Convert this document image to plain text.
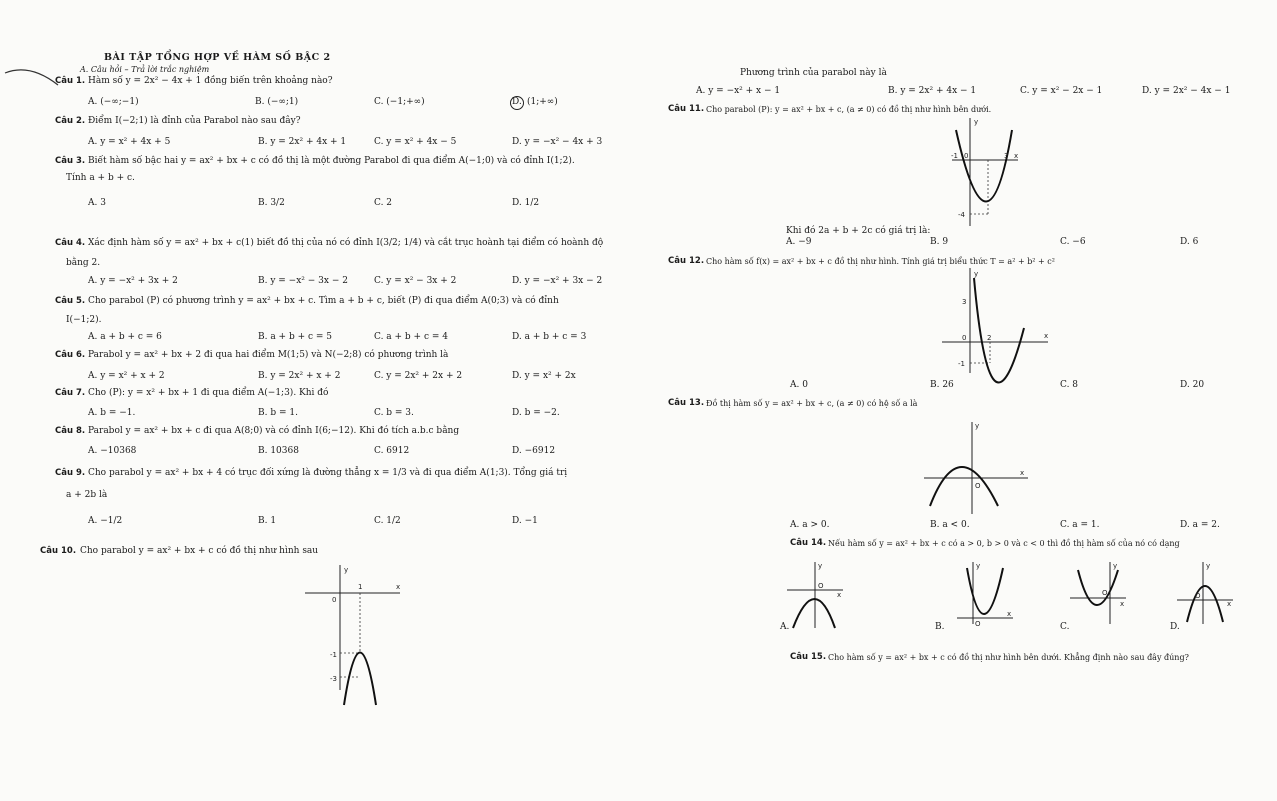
BÀI TẬP TỔNG HỢP VỀ HÀM SỐ BẬC 2
A. Câu hỏi – Trả lời trắc nghiệm
Câu 1. Hàm số y = 2x² − 4x + 1 đồng biến trên khoảng nào?
A. (−∞;−1)	B. (−∞;1)	C. (−1;+∞)	D. (1;+∞)
Câu 2. Điểm I(−2;1) là đỉnh của Parabol nào sau đây?
A. y = x² + 4x + 5	B. y = 2x² + 4x + 1	C. y = x² + 4x − 5	D. y = −x² − 4x + 3
Câu 3. Biết hàm số bậc hai y = ax² + bx + c có đồ thị là một đường Parabol đi qua điểm A(−1;0) và có đỉnh I(1;2).
Tính a + b + c.
A. 3	B. 3/2	C. 2	D. 1/2
Câu 4. Xác định hàm số y = ax² + bx + c(1) biết đồ thị của nó có đỉnh I(3/2; 1/4) và cắt trục hoành tại điểm có hoành độ
bằng 2.
A. y = −x² + 3x + 2	B. y = −x² − 3x − 2	C. y = x² − 3x + 2	D. y = −x² + 3x − 2
Câu 5. Cho parabol (P) có phương trình y = ax² + bx + c. Tìm a + b + c, biết (P) đi qua điểm A(0;3) và có đỉnh
I(−1;2).
A. a + b + c = 6	B. a + b + c = 5	C. a + b + c = 4	D. a + b + c = 3
Câu 6. Parabol y = ax² + bx + 2 đi qua hai điểm M(1;5) và N(−2;8) có phương trình là
A. y = x² + x + 2	B. y = 2x² + x + 2	C. y = 2x² + 2x + 2	D. y = x² + 2x
Câu 7. Cho (P): y = x² + bx + 1 đi qua điểm A(−1;3). Khi đó
A. b = −1.	B. b = 1.	C. b = 3.	D. b = −2.
Câu 8. Parabol y = ax² + bx + c đi qua A(8;0) và có đỉnh I(6;−12). Khi đó tích a.b.c bằng
A. −10368	B. 10368	C. 6912	D. −6912
Câu 9. Cho parabol y = ax² + bx + 4 có trục đối xứng là đường thẳng x = 1/3 và đi qua điểm A(1;3). Tổng giá trị
a + 2b là
A. −1/2	B. 1	C. 1/2	D. −1
Câu 10. Cho parabol y = ax² + bx + c có đồ thị như hình sau
y
x
0
1
-1
-3
Phương trình của parabol này là
A. y = −x² + x − 1	B. y = 2x² + 4x − 1	C. y = x² − 2x − 1	D. y = 2x² − 4x − 1
Câu 11. Cho parabol (P): y = ax² + bx + c, (a ≠ 0) có đồ thị như hình bên dưới.
y
x
-1 0	3
-4
Khi đó 2a + b + 2c có giá trị là:
A. −9	B. 9	C. −6	D. 6
Câu 12. Cho hàm số f(x) = ax² + bx + c đồ thị như hình. Tính giá trị biểu thức T = a² + b² + c²
y
x
3
0	2
-1
A. 0	B. 26	C. 8	D. 20
Câu 13. Đồ thị hàm số y = ax² + bx + c, (a ≠ 0) có hệ số a là
y
x
O
A. a > 0.	B. a < 0.	C. a = 1.	D. a = 2.
Câu 14. Nếu hàm số y = ax² + bx + c có a > 0, b > 0 và c < 0 thì đồ thị hàm số của nó có dạng
y
x
O
A.
y
x
O
B.
y
x
O
C.
y
x
O
D.
Câu 15. Cho hàm số y = ax² + bx + c có đồ thị như hình bên dưới. Khẳng định nào sau đây đúng?
